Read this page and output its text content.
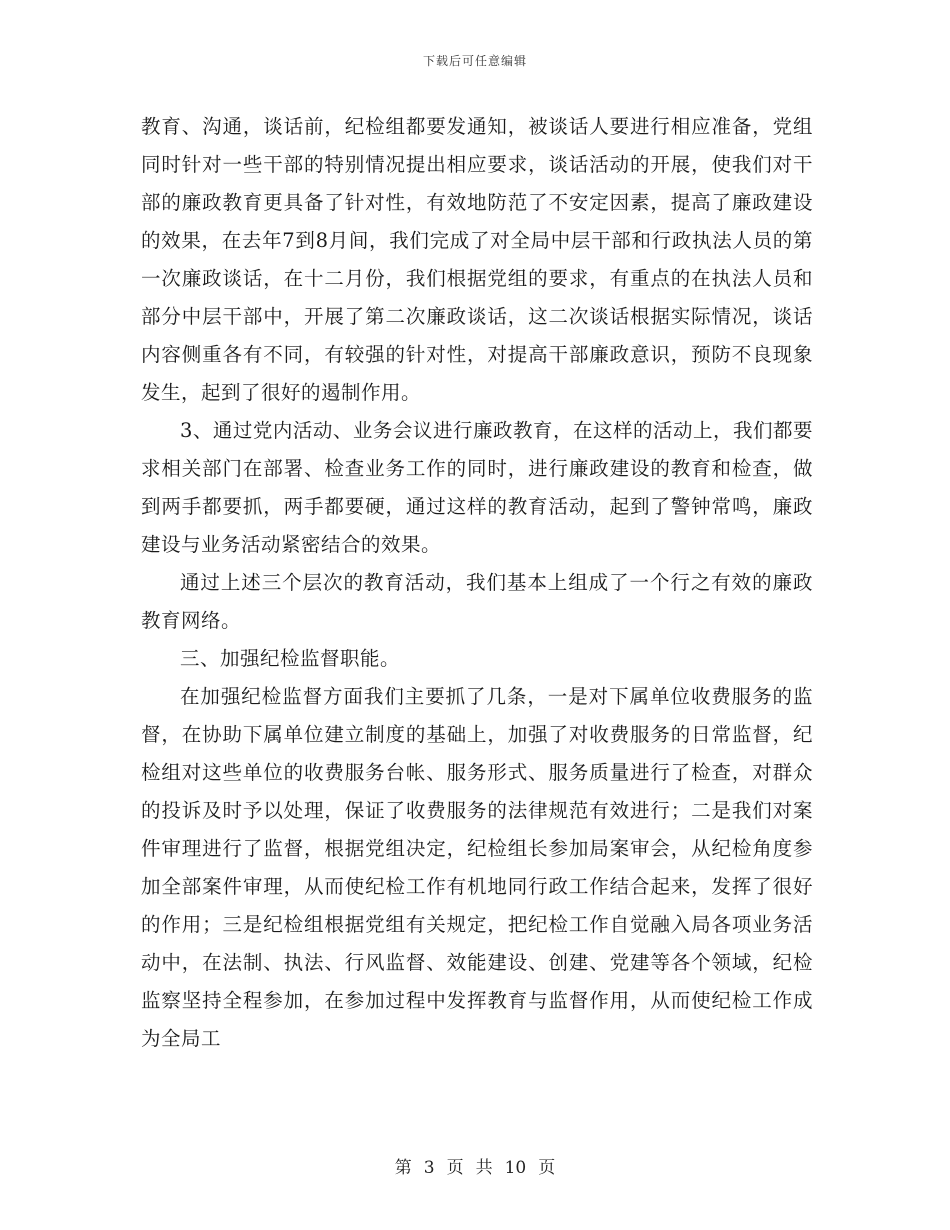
下载后可任意编辑

教育、沟通，谈话前，纪检组都要发通知，被谈话人要进行相应准备，党组同时针对一些干部的特别情况提出相应要求，谈话活动的开展，使我们对干部的廉政教育更具备了针对性，有效地防范了不安定因素，提高了廉政建设的效果，在去年7到8月间，我们完成了对全局中层干部和行政执法人员的第一次廉政谈话，在十二月份，我们根据党组的要求，有重点的在执法人员和部分中层干部中，开展了第二次廉政谈话，这二次谈话根据实际情况，谈话内容侧重各有不同，有较强的针对性，对提高干部廉政意识，预防不良现象发生，起到了很好的遏制作用。

3、通过党内活动、业务会议进行廉政教育，在这样的活动上，我们都要求相关部门在部署、检查业务工作的同时，进行廉政建设的教育和检查，做到两手都要抓，两手都要硬，通过这样的教育活动，起到了警钟常鸣，廉政建设与业务活动紧密结合的效果。

通过上述三个层次的教育活动，我们基本上组成了一个行之有效的廉政教育网络。

三、加强纪检监督职能。

在加强纪检监督方面我们主要抓了几条，一是对下属单位收费服务的监督，在协助下属单位建立制度的基础上，加强了对收费服务的日常监督，纪检组对这些单位的收费服务台帐、服务形式、服务质量进行了检查，对群众的投诉及时予以处理，保证了收费服务的法律规范有效进行；二是我们对案件审理进行了监督，根据党组决定，纪检组长参加局案审会，从纪检角度参加全部案件审理，从而使纪检工作有机地同行政工作结合起来，发挥了很好的作用；三是纪检组根据党组有关规定，把纪检工作自觉融入局各项业务活动中，在法制、执法、行风监督、效能建设、创建、党建等各个领域，纪检监察坚持全程参加，在参加过程中发挥教育与监督作用，从而使纪检工作成为全局工

第 3 页 共 10 页
